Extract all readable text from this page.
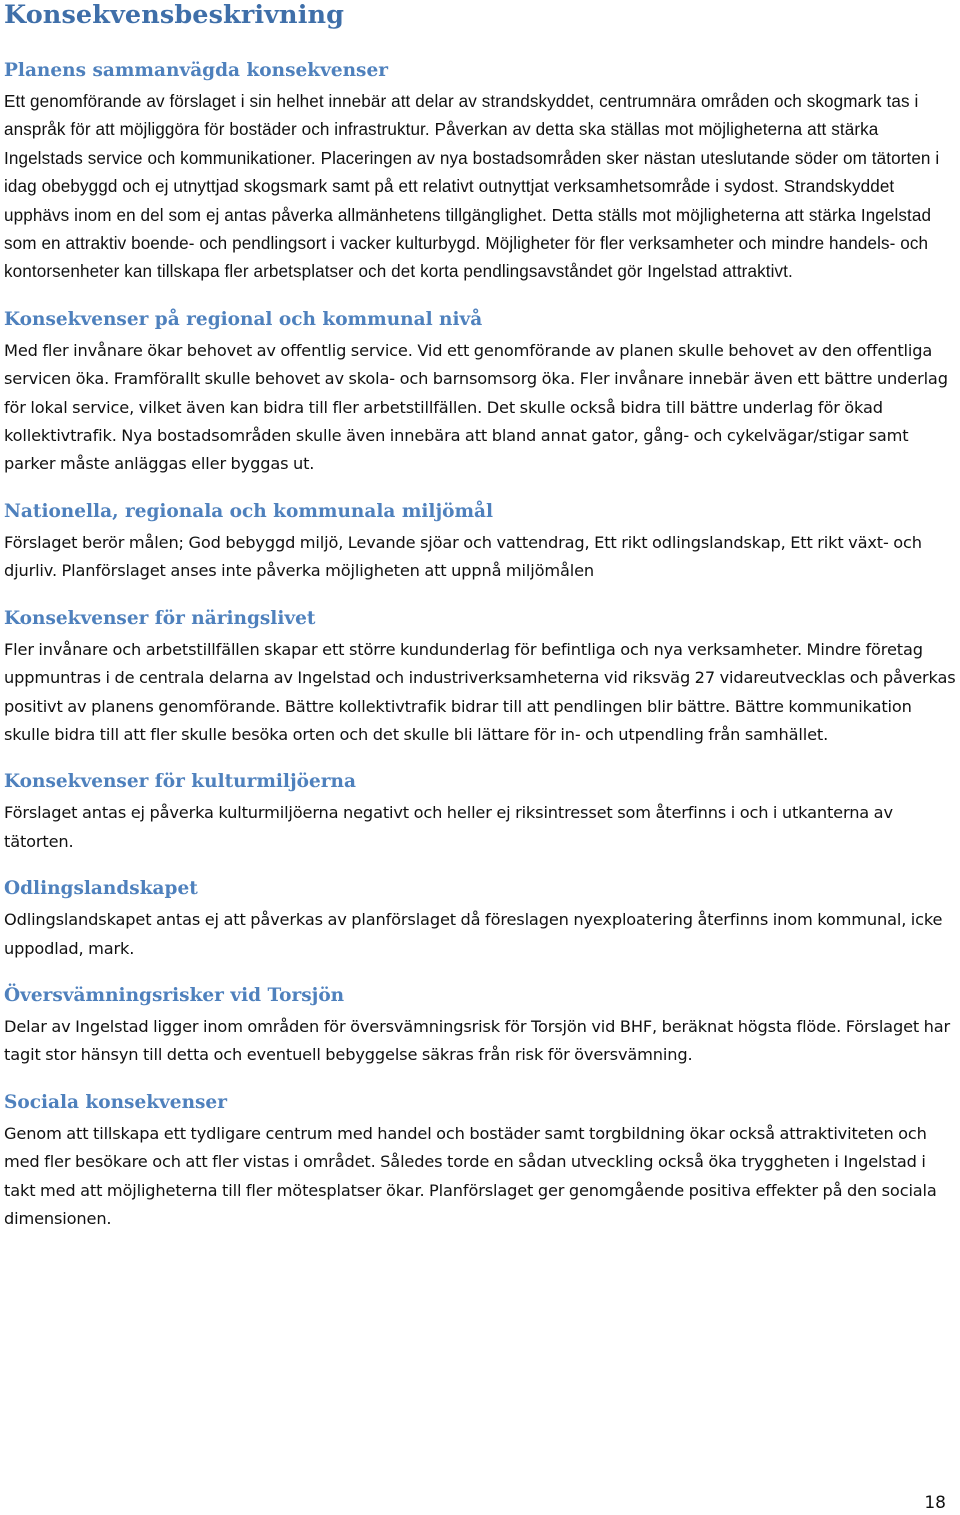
Konsekvensbeskrivning
Planens sammanvägda konsekvenser

Ett genomförande av förslaget i sin helhet innebär att delar av strandskyddet, centrumnära områden och skogmark tas i anspråk för att möjliggöra för bostäder och infrastruktur. Påverkan av detta ska ställas mot möjligheterna att stärka Ingelstads service och kommunikationer. Placeringen av nya bostadsområden sker nästan uteslutande söder om tätorten i idag obebyggd och ej utnyttjad skogsmark samt på ett relativt outnyttjat verksamhetsområde i sydost. Strandskyddet upphävs inom en del som ej antas påverka allmänhetens tillgänglighet. Detta ställs mot möjligheterna att stärka Ingelstad som en attraktiv boende- och pendlingsort i vacker kulturbygd. Möjligheter för fler verksamheter och mindre handels- och kontorsenheter kan tillskapa fler arbetsplatser och det korta pendlingsavståndet gör Ingelstad attraktivt.

Konsekvenser på regional och kommunal nivå

Med fler invånare ökar behovet av offentlig service. Vid ett genomförande av planen skulle behovet av den offentliga servicen öka. Framförallt skulle behovet av skola- och barnsomsorg öka. Fler invånare innebär även ett bättre underlag för lokal service, vilket även kan bidra till fler arbetstillfällen. Det skulle också bidra till bättre underlag för ökad kollektivtrafik. Nya bostadsområden skulle även innebära att bland annat gator, gång- och cykelvägar/stigar samt parker måste anläggas eller byggas ut.

Nationella, regionala och kommunala miljömål

Förslaget berör målen; God bebyggd miljö, Levande sjöar och vattendrag, Ett rikt odlingslandskap, Ett rikt växt- och djurliv. Planförslaget anses inte påverka möjligheten att uppnå miljömålen

Konsekvenser för näringslivet

Fler invånare och arbetstillfällen skapar ett större kundunderlag för befintliga och nya verksamheter. Mindre företag uppmuntras i de centrala delarna av Ingelstad och industriverksamheterna vid riksväg 27 vidareutvecklas och påverkas positivt av planens genomförande. Bättre kollektivtrafik bidrar till att pendlingen blir bättre. Bättre kommunikation skulle bidra till att fler skulle besöka orten och det skulle bli lättare för in- och utpendling från samhället.

Konsekvenser för kulturmiljöerna

Förslaget antas ej påverka kulturmiljöerna negativt och heller ej riksintresset som återfinns i och i utkanterna av tätorten.

Odlingslandskapet

Odlingslandskapet antas ej att påverkas av planförslaget då föreslagen nyexploatering återfinns inom kommunal, icke uppodlad, mark.

Översvämningsrisker vid Torsjön

Delar av Ingelstad ligger inom områden för översvämningsrisk för Torsjön vid BHF, beräknat högsta flöde. Förslaget har tagit stor hänsyn till detta och eventuell bebyggelse säkras från risk för översvämning.

Sociala konsekvenser

Genom att tillskapa ett tydligare centrum med handel och bostäder samt torgbildning ökar också attraktiviteten och med fler besökare och att fler vistas i området. Således torde en sådan utveckling också öka tryggheten i Ingelstad i takt med att möjligheterna till fler mötesplatser ökar. Planförslaget ger genomgående positiva effekter på den sociala dimensionen.

18
